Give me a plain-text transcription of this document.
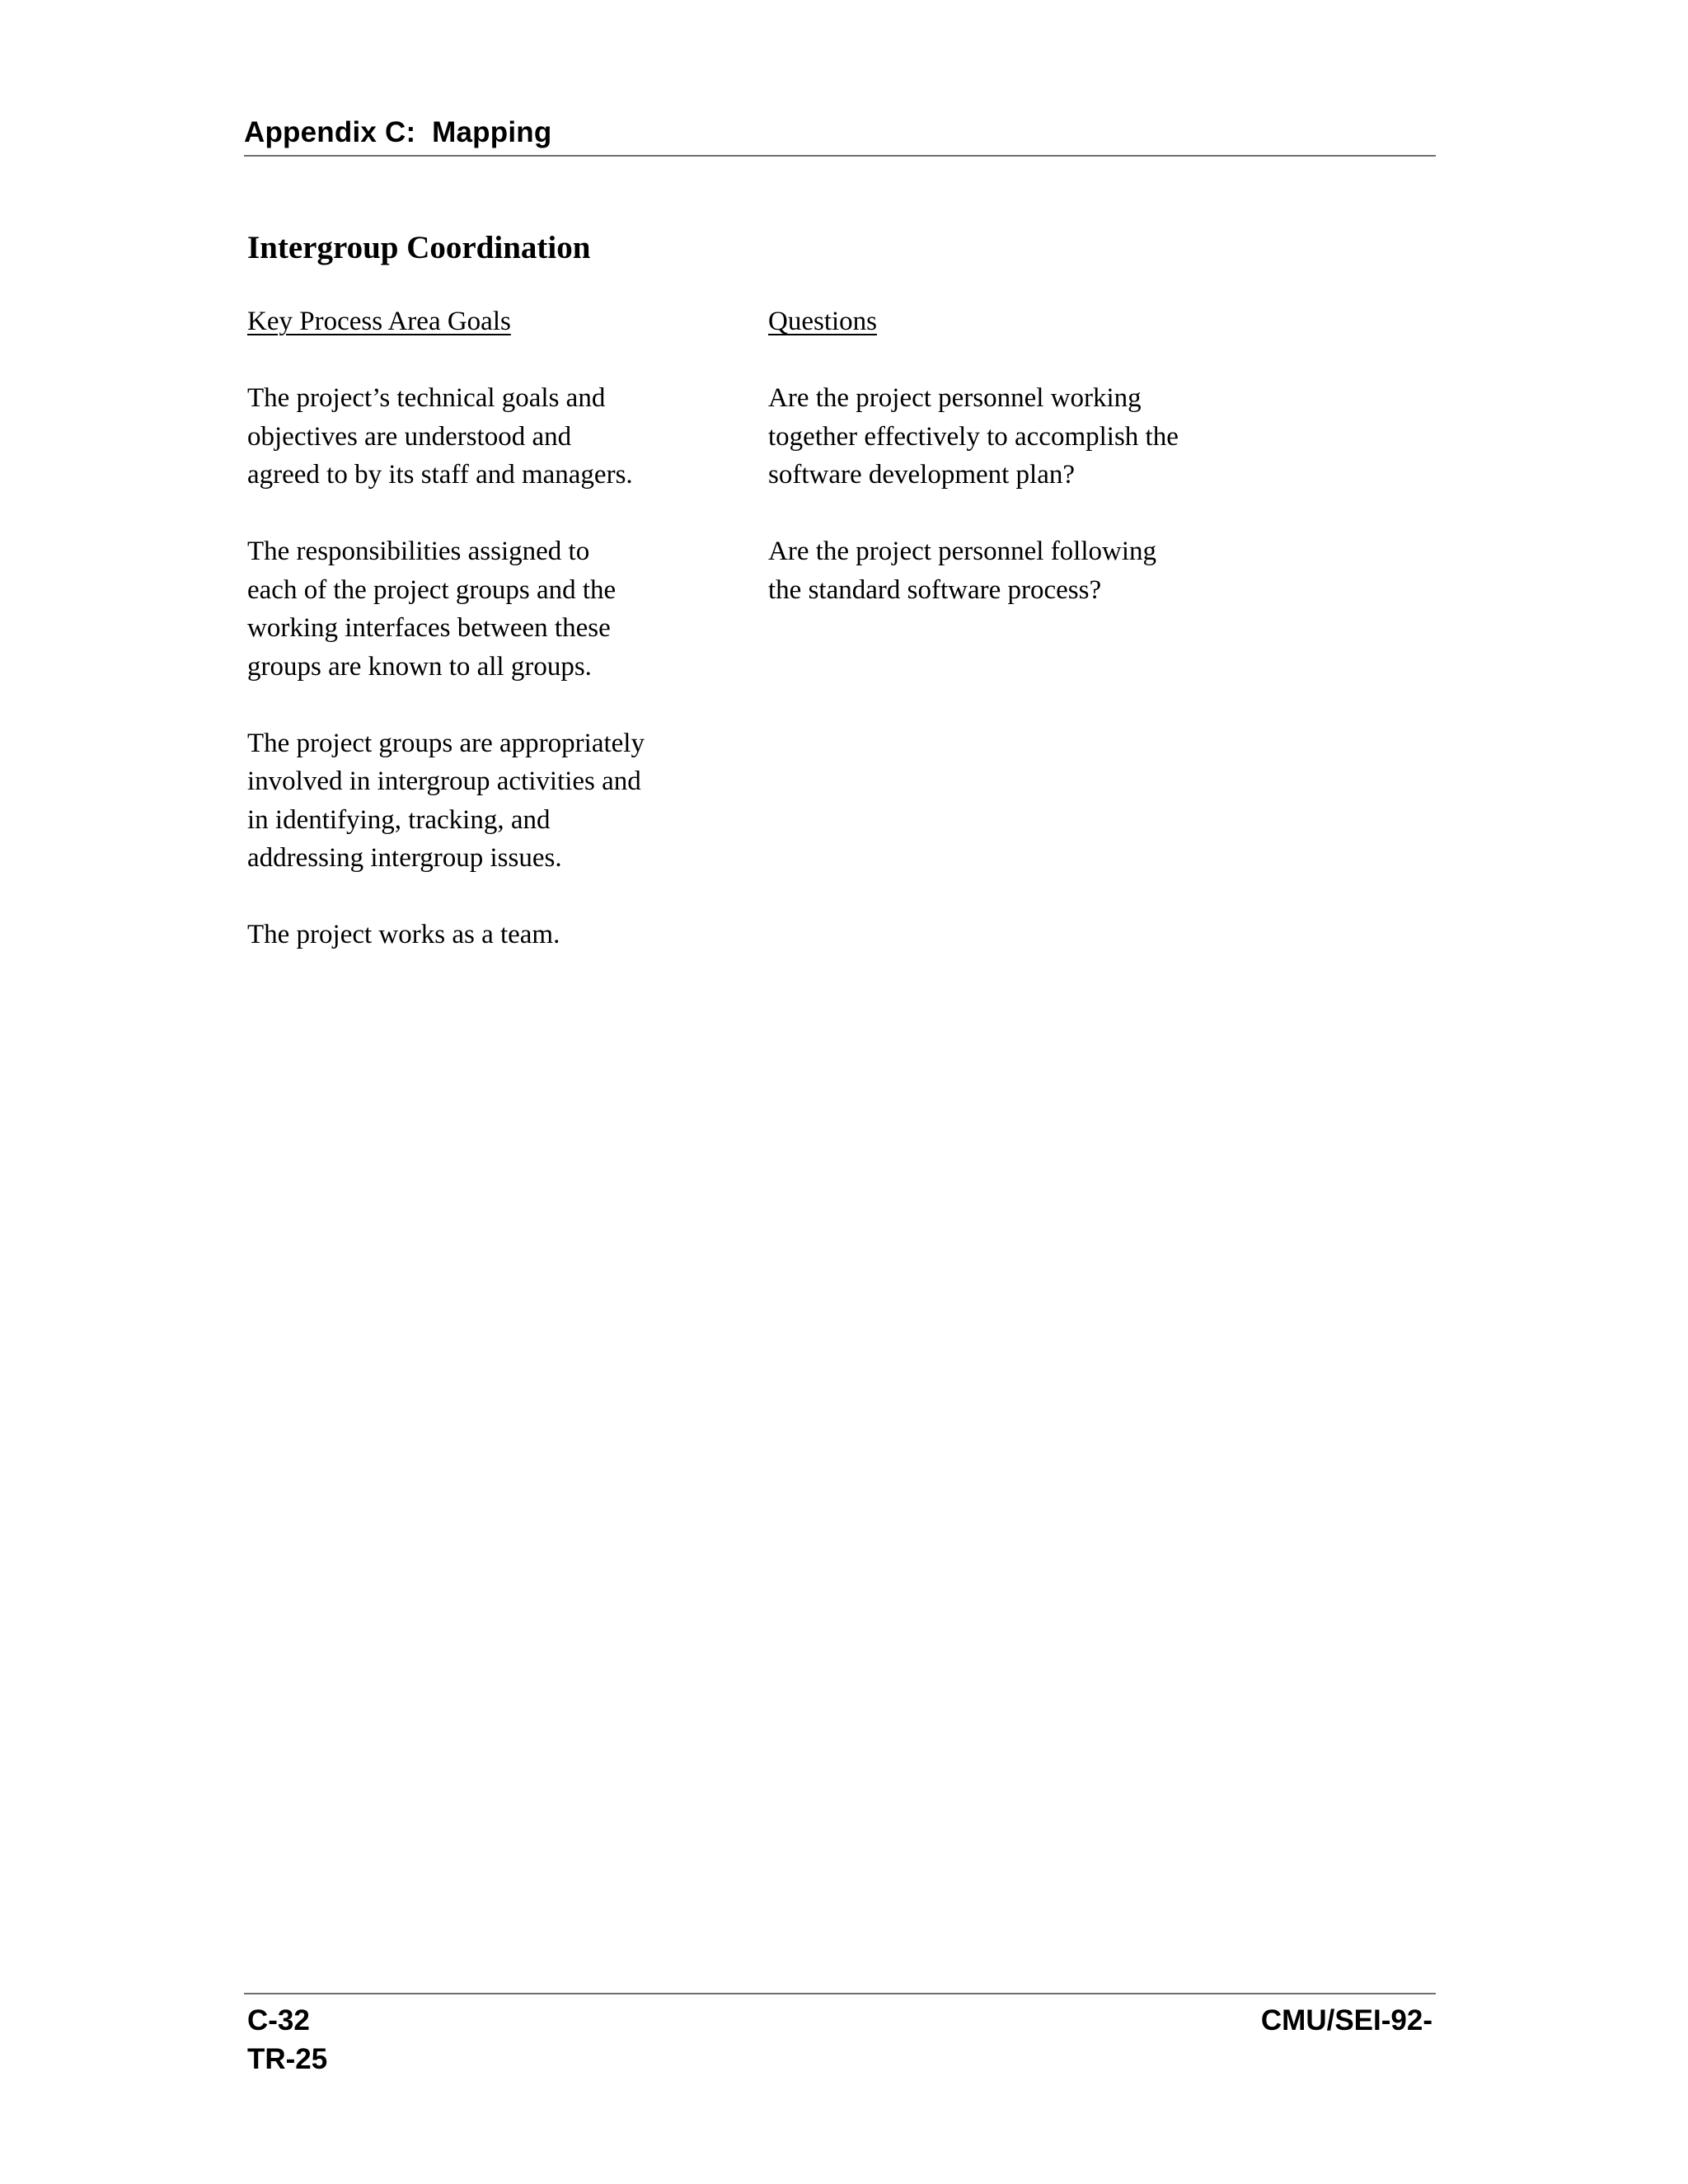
Appendix C:  Mapping
Intergroup Coordination
Key Process Area Goals
The project’s technical goals and
objectives are understood and
agreed to by its staff and managers.
The responsibilities assigned to
each of the project groups and the
working interfaces between these
groups are known to all groups.
The project groups are appropriately
involved in intergroup activities and
in identifying, tracking, and
addressing intergroup issues.
The project works as a team.
Questions
Are the project personnel working
together effectively to accomplish the
software development plan?
Are the project personnel following
the standard software process?
C-32
TR-25
CMU/SEI-92-
